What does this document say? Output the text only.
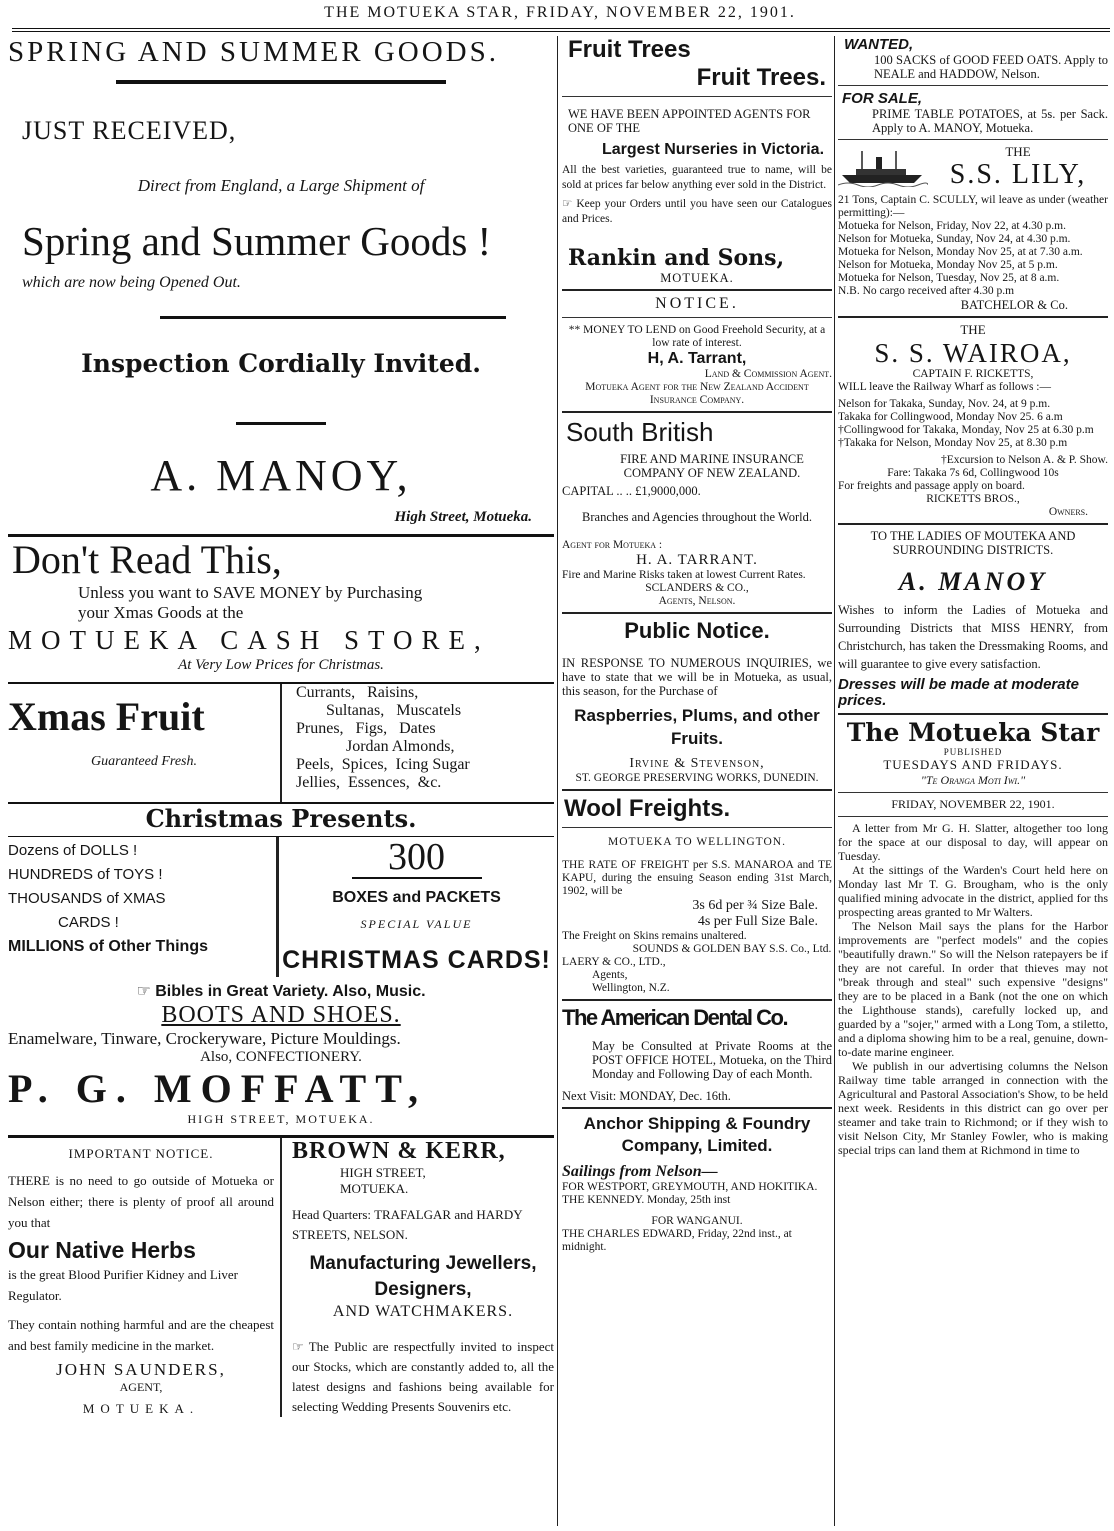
THE MOTUEKA STAR, FRIDAY, NOVEMBER 22, 1901.
SPRING AND SUMMER GOODS.
JUST RECEIVED,
Direct from England, a Large Shipment of
Spring and Summer Goods !
which are now being Opened Out.
Inspection Cordially Invited.
A. MANOY,
High Street, Motueka.
Don't Read This,
Unless you want to SAVE MONEY by Purchasing
your Xmas Goods at the
MOTUEKA CASH STORE,
At Very Low Prices for Christmas.
Xmas Fruit
Guaranteed Fresh.
Currants,   Raisins,
Sultanas,   Muscatels
Prunes,   Figs,   Dates
Jordan Almonds,
Peels,  Spices,  Icing Sugar
Jellies,  Essences,  &c.
Christmas Presents.
Dozens of DOLLS !
HUNDREDS of TOYS !
THOUSANDS of XMAS
CARDS !
MILLIONS of Other Things
300
BOXES and PACKETS
SPECIAL VALUE
CHRISTMAS CARDS!
☞ Bibles in Great Variety. Also, Music.
BOOTS AND SHOES.
Enamelware, Tinware, Crockeryware, Picture Mouldings.
Also, CONFECTIONERY.
P. G. MOFFATT,
HIGH STREET, MOTUEKA.
IMPORTANT NOTICE.
THERE is no need to go outside of Motueka or Nelson either; there is plenty of proof all around you that
Our Native Herbs
is the great Blood Purifier Kidney and Liver Regulator.
They contain nothing harmful and are the cheapest and best family medicine in the market.
JOHN SAUNDERS,
AGENT,
MOTUEKA.
BROWN & KERR,
HIGH STREET,
MOTUEKA.
Head Quarters: TRAFALGAR and HARDY STREETS, NELSON.
Manufacturing Jewellers, Designers,
AND WATCHMAKERS.
☞ The Public are respectfully invited to inspect our Stocks, which are constantly added to, all the latest designs and fashions being available for selecting Wedding Presents Souvenirs etc.
Fruit Trees
Fruit Trees.
WE HAVE BEEN APPOINTED AGENTS FOR ONE OF THE
Largest Nurseries in Victoria.
All the best varieties, guaranteed true to name, will be sold at prices far below anything ever sold in the District.
☞ Keep your Orders until you have seen our Catalogues and Prices.
Rankin and Sons,
MOTUEKA.
NOTICE.
** MONEY TO LEND on Good Freehold Security, at a low rate of interest.
H, A. Tarrant,
Land & Commission Agent.
Motueka Agent for the New Zealand Accident Insurance Company.
South British
FIRE AND MARINE INSURANCE COMPANY OF NEW ZEALAND.
CAPITAL .. .. £1,9000,000.
Branches and Agencies throughout the World.
Agent for Motueka :
H. A. TARRANT.
Fire and Marine Risks taken at lowest Current Rates.
SCLANDERS & CO.,
Agents, Nelson.
Public Notice.
IN RESPONSE TO NUMEROUS INQUIRIES, we have to state that we will be in Motueka, as usual, this season, for the Purchase of
Raspberries, Plums, and other Fruits.
Irvine & Stevenson,
ST. GEORGE PRESERVING WORKS, DUNEDIN.
Wool Freights.
MOTUEKA TO WELLINGTON.
THE RATE OF FREIGHT per S.S. MANAROA and TE KAPU, during the ensuing Season ending 31st March, 1902, will be
3s 6d per ¾ Size Bale.
4s per Full Size Bale.
The Freight on Skins remains unaltered.
SOUNDS & GOLDEN BAY S.S. Co., Ltd.
LAERY & CO., LTD.,
Agents,
Wellington, N.Z.
The American Dental Co.
May be Consulted at Private Rooms at the POST OFFICE HOTEL, Motueka, on the Third Monday and Following Day of each Month.
Next Visit: MONDAY, Dec. 16th.
Anchor Shipping & Foundry Company, Limited.
Sailings from Nelson—
FOR WESTPORT, GREYMOUTH, AND HOKITIKA.
THE KENNEDY. Monday, 25th inst
FOR WANGANUI.
THE CHARLES EDWARD, Friday, 22nd inst., at midnight.
WANTED,
100 SACKS of GOOD FEED OATS. Apply to NEALE and HADDOW, Nelson.
FOR SALE,
PRIME TABLE POTATOES, at 5s. per Sack. Apply to A. MANOY, Motueka.
THE
S.S. LILY,
21 Tons, Captain C. SCULLY, wil leave as under (weather permitting):—
Motueka for Nelson, Friday, Nov 22, at 4.30 p.m.
Nelson for Motueka, Sunday, Nov 24, at 4.30 p.m.
Motueka for Nelson, Monday Nov 25, at at 7.30 a.m.
Nelson for Motueka, Monday Nov 25, at 5 p.m.
Motueka for Nelson, Tuesday, Nov 25, at 8 a.m.
N.B. No cargo received after 4.30 p.m
BATCHELOR & Co.
THE
S. S. WAIROA,
CAPTAIN F. RICKETTS,
WILL leave the Railway Wharf as follows :—
Nelson for Takaka, Sunday, Nov. 24, at 9 p.m.
Takaka for Collingwood, Monday Nov 25. 6 a.m
†Collingwood for Takaka, Monday, Nov 25 at 6.30 p.m
†Takaka for Nelson, Monday Nov 25, at 8.30 p.m
†Excursion to Nelson A. & P. Show.
Fare: Takaka 7s 6d, Collingwood 10s
For freights and passage apply on board.
RICKETTS BROS.,
Owners.
TO THE LADIES OF MOUTEKA AND SURROUNDING DISTRICTS.
A. MANOY
Wishes to inform the Ladies of Motueka and Surrounding Districts that MISS HENRY, from Christchurch, has taken the Dressmaking Rooms, and will guarantee to give every satisfaction.
Dresses will be made at moderate prices.
The Motueka Star
PUBLISHED
TUESDAYS AND FRIDAYS.
"Te Oranga Moti Iwi."
FRIDAY, NOVEMBER 22, 1901.
A letter from Mr G. H. Slatter, altogether too long for the space at our disposal to day, will appear on Tuesday.
At the sittings of the Warden's Court held here on Monday last Mr T. G. Brougham, who is the only qualified mining advocate in the district, applied for ths prospecting areas granted to Mr Walters.
The Nelson Mail says the plans for the Harbor improvements are "perfect models" and the copies "beautifully drawn." So will the Nelson ratepayers be if they are not careful. In order that thieves may not "break through and steal" such expensive "designs" they are to be placed in a Bank (not the one on which the Lighthouse stands), carefully locked up, and guarded by a "sojer," armed with a Long Tom, a stiletto, and a diploma showing him to be a real, genuine, down-to-date marine engineer.
We publish in our advertising columns the Nelson Railway time table arranged in connection with the Agricultural and Pastoral Association's Show, to be held next week. Residents in this district can go over per steamer and take train to Richmond; or if they wish to visit Nelson City, Mr Stanley Fowler, who is making special trips can land them at Richmond in time to
